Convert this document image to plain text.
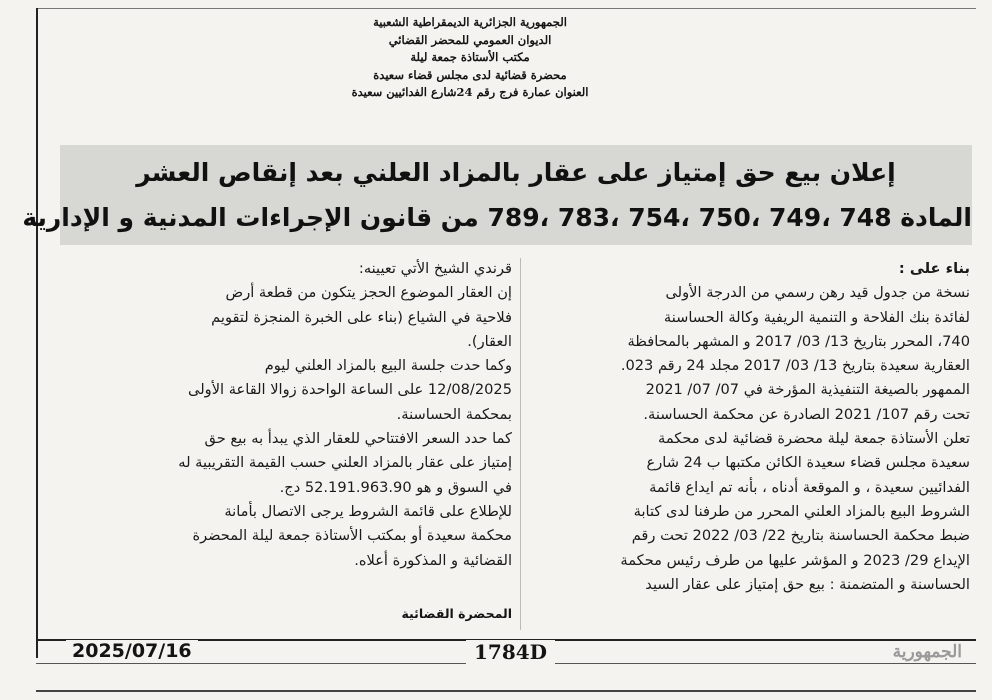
الجمهورية الجزائرية الديمقراطية الشعبية
الديوان العمومي للمحضر القضائي
مكتب الأستاذة جمعة ليلة
محضرة قضائية لدى مجلس قضاء سعيدة
العنوان عمارة فرج رقم 24شارع الفدائيين سعيدة
إعلان بيع حق إمتياز على عقار بالمزاد العلني بعد إنقاص العشر
المادة 748 ،749 ،750 ،754 ،783 ،789 من قانون الإجراءات المدنية و الإدارية
بناء على :
نسخة من جدول قيد رهن رسمي من الدرجة الأولى
لفائدة بنك الفلاحة و التنمية الريفية وكالة الحساسنة
740، المحرر بتاريخ 13/ 03/ 2017 و المشهر بالمحافظة
العقارية سعيدة بتاريخ 13/ 03/ 2017 مجلد 24 رقم 023.
الممهور بالصيغة التنفيذية المؤرخة في 07/ 07/ 2021
تحت رقم 107/ 2021 الصادرة عن محكمة الحساسنة.
تعلن الأستاذة جمعة ليلة محضرة قضائية لدى محكمة
سعيدة مجلس قضاء سعيدة الكائن مكتبها ب 24 شارع
الفدائيين سعيدة ، و الموقعة أدناه ، بأنه تم ايداع قائمة
الشروط البيع بالمزاد العلني المحرر من طرفنا لدى كتابة
ضبط محكمة الحساسنة بتاريخ 22/ 03/ 2022 تحت رقم
الإيداع 29/ 2023 و المؤشر عليها من طرف رئيس محكمة
الحساسنة و المتضمنة : بيع حق إمتياز على عقار السيد
قرندي الشيخ الأتي تعيينه:
إن العقار الموضوع الحجز يتكون من قطعة أرض
فلاحية في الشياع (بناء على الخبرة المنجزة لتقويم
العقار).
وكما حدت جلسة البيع بالمزاد العلني ليوم
12/08/2025 على الساعة الواحدة زوالا القاعة الأولى
بمحكمة الحساسنة.
كما حدد السعر الافتتاحي للعقار الذي يبدأ به بيع حق
إمتياز على عقار بالمزاد العلني حسب القيمة التقريبية له
في السوق و هو 52.191.963.90 دج.
للإطلاع على قائمة الشروط يرجى الاتصال بأمانة
محكمة سعيدة أو بمكتب الأستاذة جمعة ليلة المحضرة
القضائية و المذكورة أعلاه.
المحضرة القضائية
2025/07/16	1784D	الجمهورية
